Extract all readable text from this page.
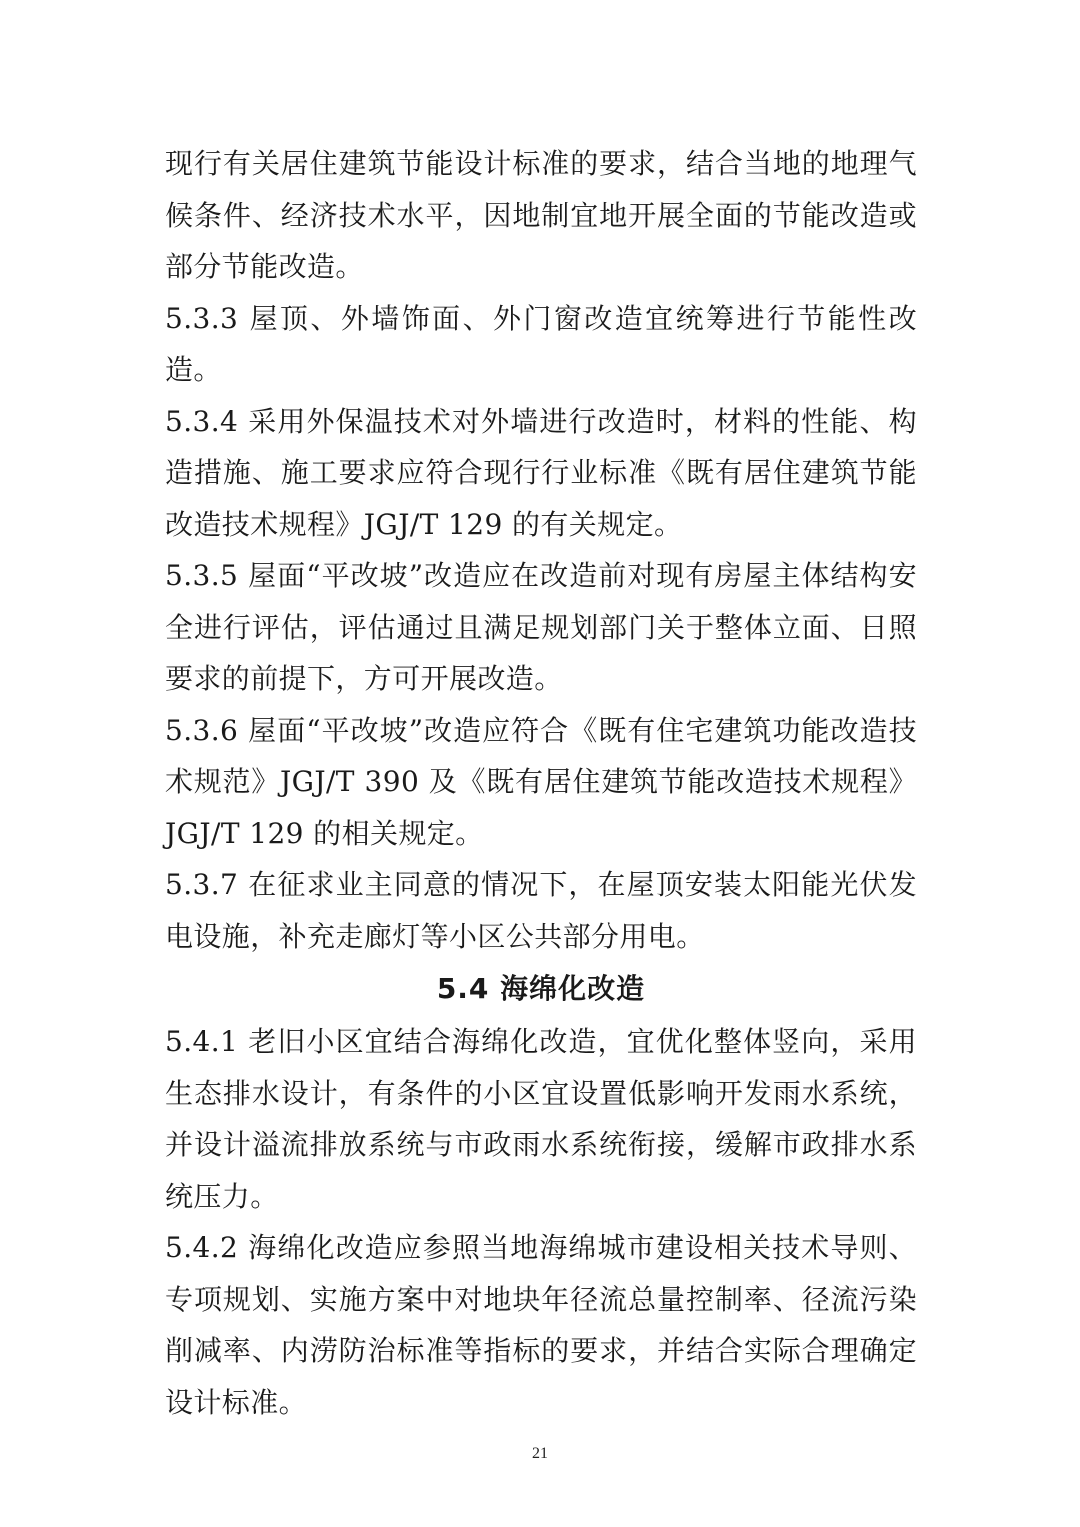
现行有关居住建筑节能设计标准的要求，结合当地的地理气候条件、经济技术水平，因地制宜地开展全面的节能改造或部分节能改造。

5.3.3 屋顶、外墙饰面、外门窗改造宜统筹进行节能性改造。

5.3.4 采用外保温技术对外墙进行改造时，材料的性能、构造措施、施工要求应符合现行行业标准《既有居住建筑节能改造技术规程》JGJ/T 129 的有关规定。

5.3.5 屋面“平改坡”改造应在改造前对现有房屋主体结构安全进行评估，评估通过且满足规划部门关于整体立面、日照要求的前提下，方可开展改造。

5.3.6 屋面“平改坡”改造应符合《既有住宅建筑功能改造技术规范》JGJ/T 390 及《既有居住建筑节能改造技术规程》JGJ/T 129 的相关规定。

5.3.7 在征求业主同意的情况下，在屋顶安装太阳能光伏发电设施，补充走廊灯等小区公共部分用电。

5.4 海绵化改造

5.4.1 老旧小区宜结合海绵化改造，宜优化整体竖向，采用生态排水设计，有条件的小区宜设置低影响开发雨水系统，并设计溢流排放系统与市政雨水系统衔接，缓解市政排水系统压力。

5.4.2 海绵化改造应参照当地海绵城市建设相关技术导则、专项规划、实施方案中对地块年径流总量控制率、径流污染削减率、内涝防治标准等指标的要求，并结合实际合理确定设计标准。

21
